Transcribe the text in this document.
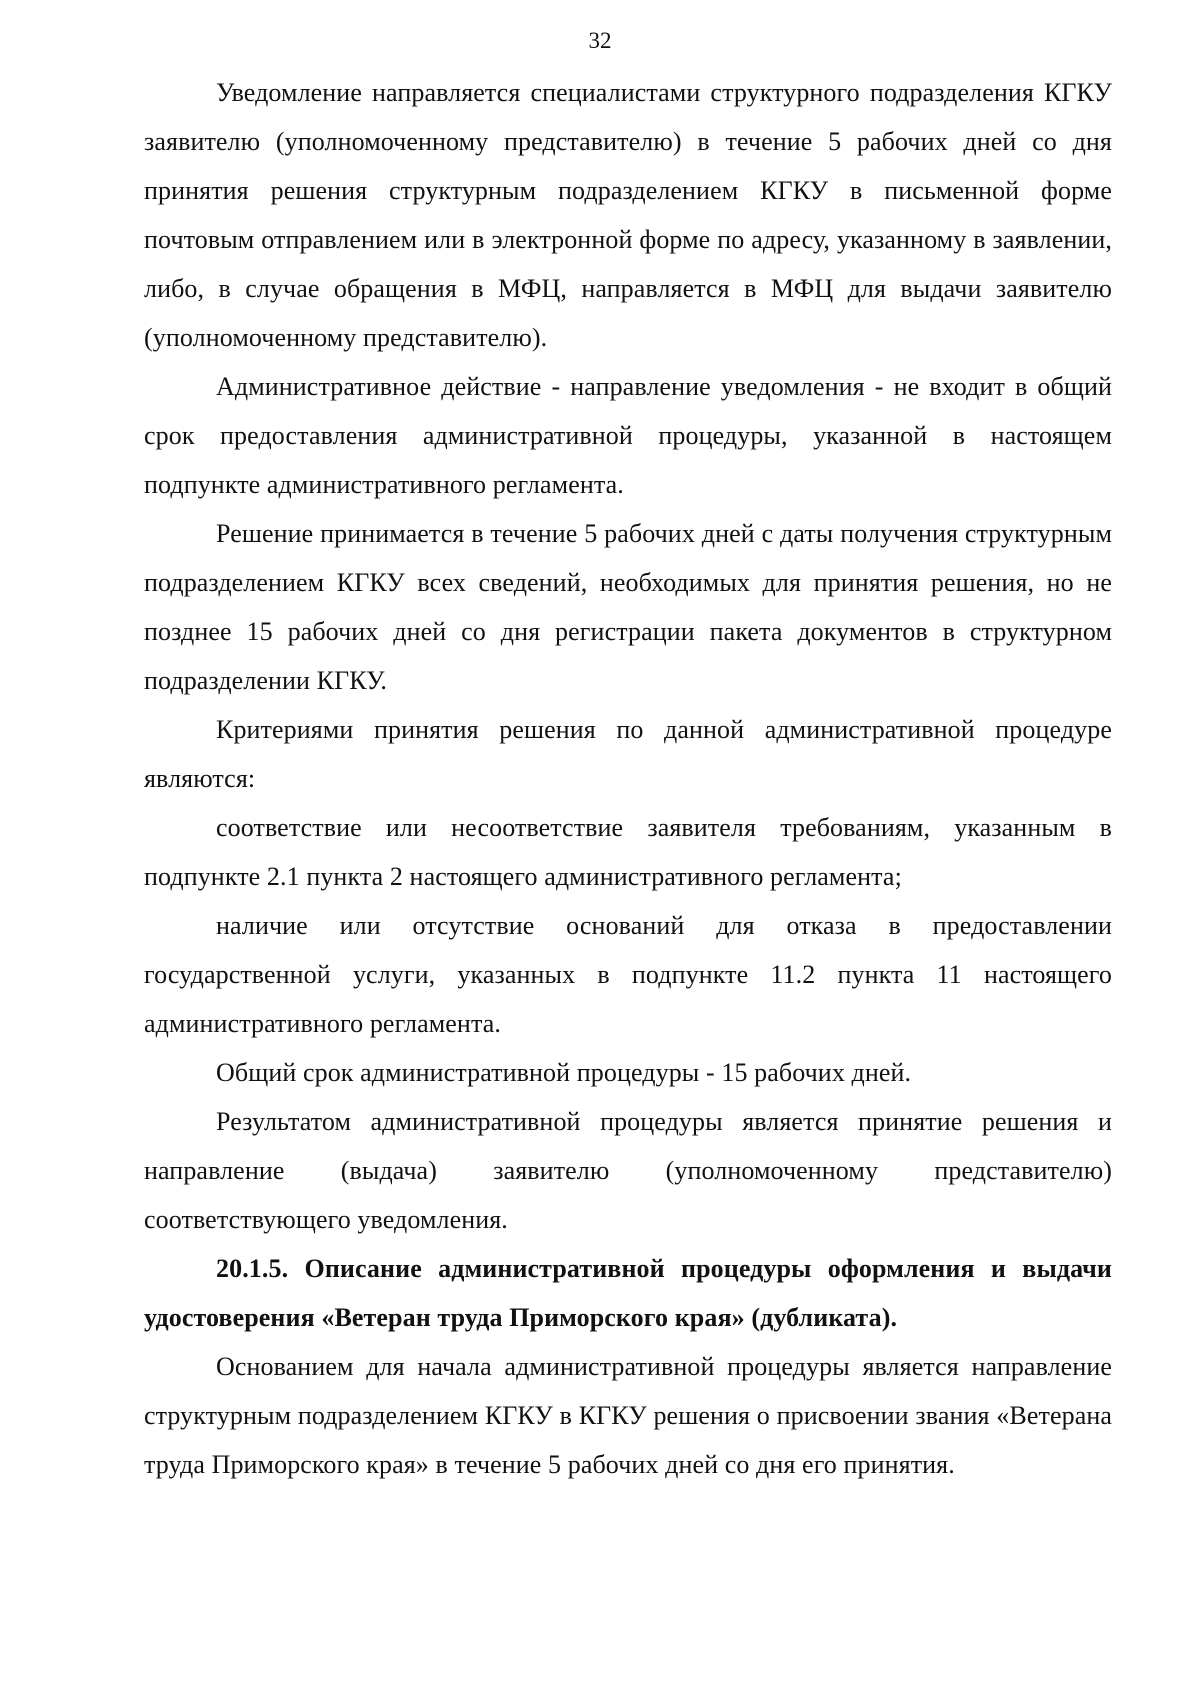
32

Уведомление направляется специалистами структурного подразделения КГКУ заявителю (уполномоченному представителю) в течение 5 рабочих дней со дня принятия решения структурным подразделением КГКУ в письменной форме почтовым отправлением или в электронной форме по адресу, указанному в заявлении, либо, в случае обращения в МФЦ, направляется в МФЦ для выдачи заявителю (уполномоченному представителю).

Административное действие - направление уведомления - не входит в общий срок предоставления административной процедуры, указанной в настоящем подпункте административного регламента.

Решение принимается в течение 5 рабочих дней с даты получения структурным подразделением КГКУ всех сведений, необходимых для принятия решения, но не позднее 15 рабочих дней со дня регистрации пакета документов в структурном подразделении КГКУ.

Критериями принятия решения по данной административной процедуре являются:

соответствие или несоответствие заявителя требованиям, указанным в подпункте 2.1 пункта 2 настоящего административного регламента;

наличие или отсутствие оснований для отказа в предоставлении государственной услуги, указанных в подпункте 11.2 пункта 11 настоящего административного регламента.

Общий срок административной процедуры - 15 рабочих дней.

Результатом административной процедуры является принятие решения и направление (выдача) заявителю (уполномоченному представителю) соответствующего уведомления.

20.1.5. Описание административной процедуры оформления и выдачи удостоверения «Ветеран труда Приморского края» (дубликата).

Основанием для начала административной процедуры является направление структурным подразделением КГКУ в КГКУ решения о присвоении звания «Ветерана труда Приморского края» в течение 5 рабочих дней со дня его принятия.
